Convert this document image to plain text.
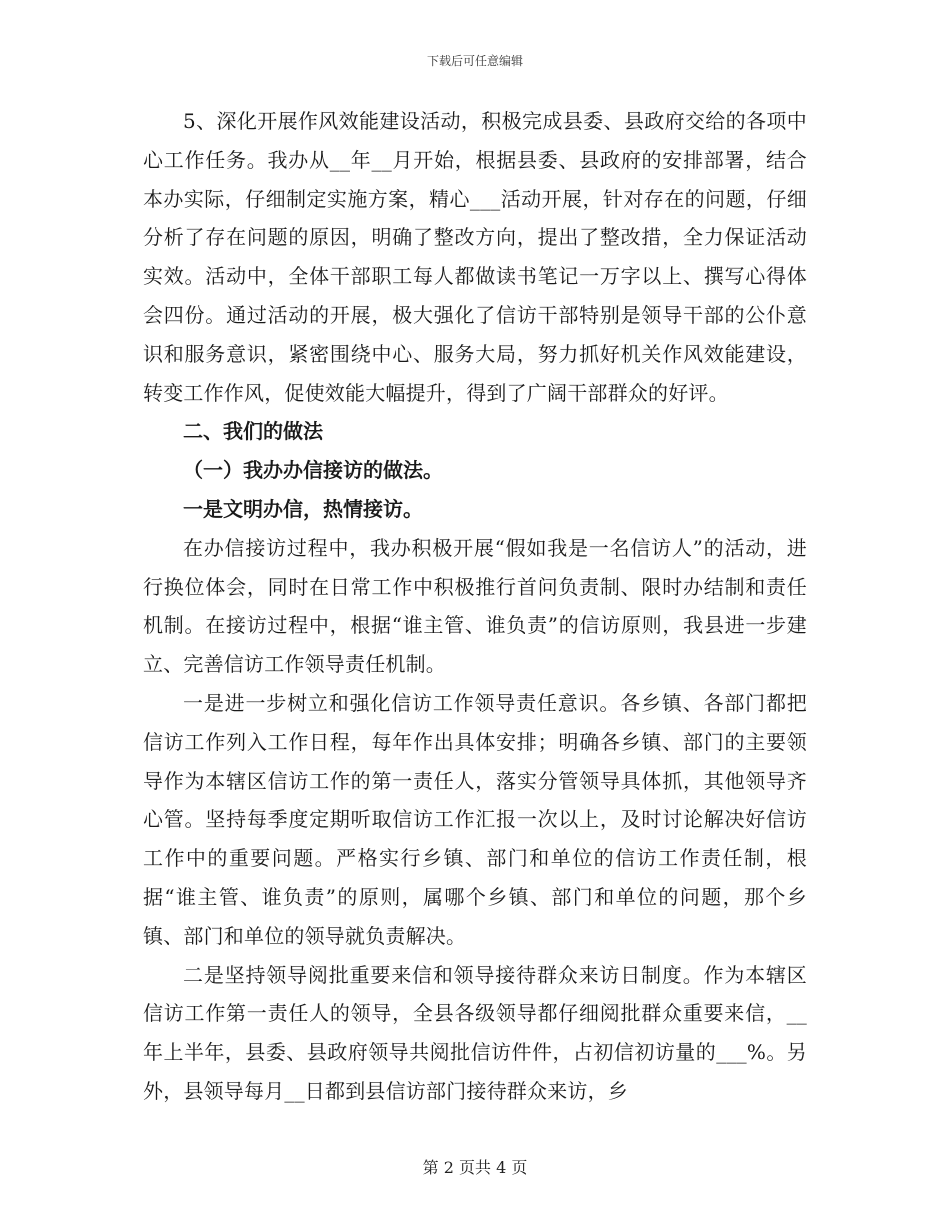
下载后可任意编辑

5、深化开展作风效能建设活动，积极完成县委、县政府交给的各项中心工作任务。我办从__年__月开始，根据县委、县政府的安排部署，结合本办实际，仔细制定实施方案，精心___活动开展，针对存在的问题，仔细分析了存在问题的原因，明确了整改方向，提出了整改措，全力保证活动实效。活动中，全体干部职工每人都做读书笔记一万字以上、撰写心得体会四份。通过活动的开展，极大强化了信访干部特别是领导干部的公仆意识和服务意识，紧密围绕中心、服务大局，努力抓好机关作风效能建设，转变工作作风，促使效能大幅提升，得到了广阔干部群众的好评。

二、我们的做法

（一）我办办信接访的做法。

一是文明办信，热情接访。

在办信接访过程中，我办积极开展“假如我是一名信访人”的活动，进行换位体会，同时在日常工作中积极推行首问负责制、限时办结制和责任机制。在接访过程中，根据“谁主管、谁负责”的信访原则，我县进一步建立、完善信访工作领导责任机制。

一是进一步树立和强化信访工作领导责任意识。各乡镇、各部门都把信访工作列入工作日程，每年作出具体安排；明确各乡镇、部门的主要领导作为本辖区信访工作的第一责任人，落实分管领导具体抓，其他领导齐心管。坚持每季度定期听取信访工作汇报一次以上，及时讨论解决好信访工作中的重要问题。严格实行乡镇、部门和单位的信访工作责任制，根据“谁主管、谁负责”的原则，属哪个乡镇、部门和单位的问题，那个乡镇、部门和单位的领导就负责解决。

二是坚持领导阅批重要来信和领导接待群众来访日制度。作为本辖区信访工作第一责任人的领导，全县各级领导都仔细阅批群众重要来信，__年上半年，县委、县政府领导共阅批信访件件，占初信初访量的___%。另外，县领导每月__日都到县信访部门接待群众来访，乡

第 2 页共 4 页
